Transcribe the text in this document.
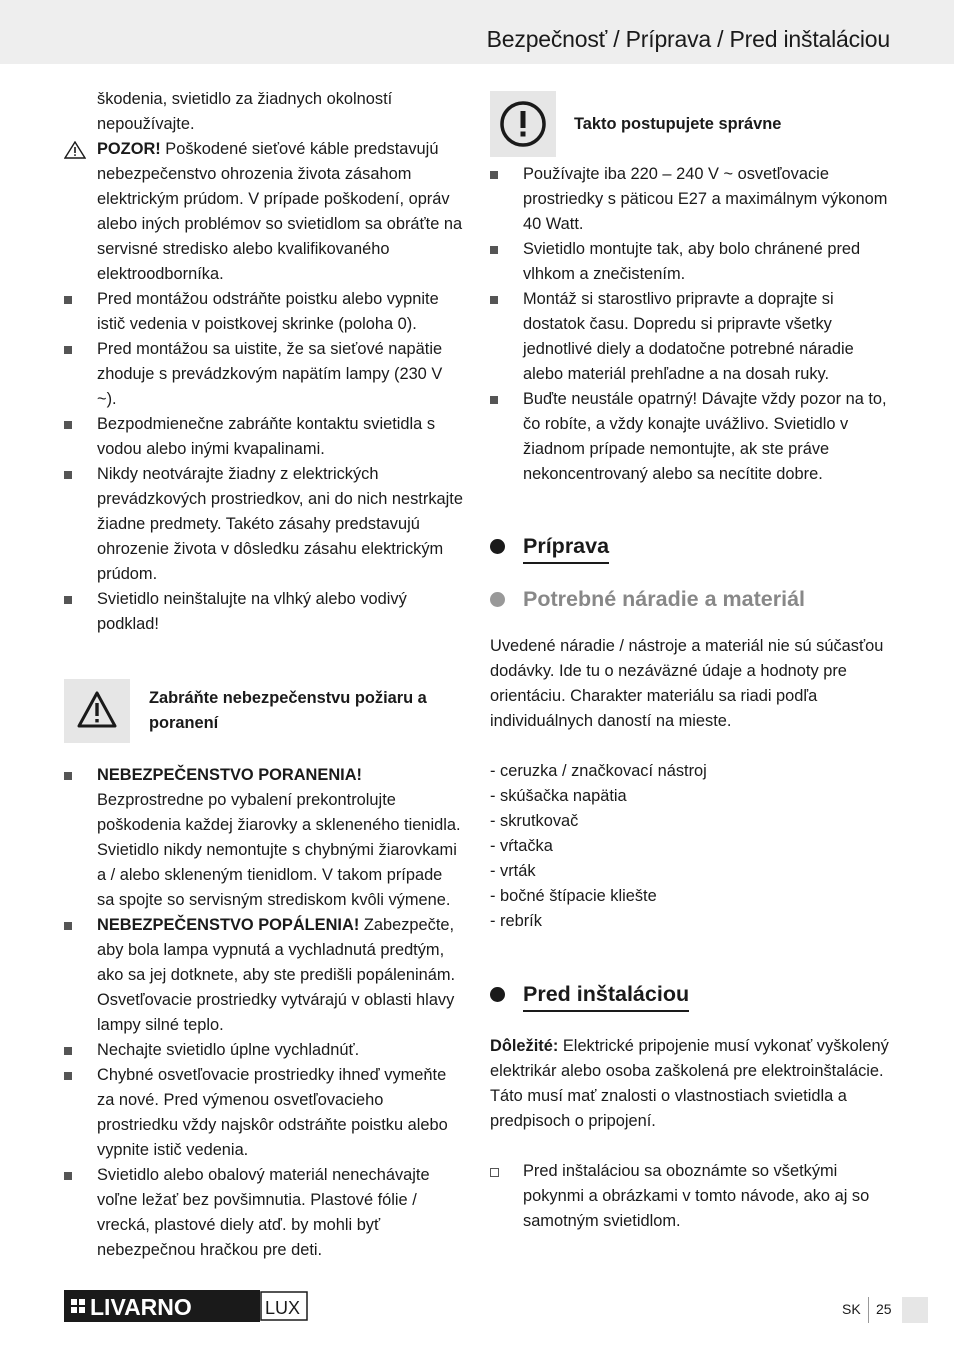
Bezpečnosť / Príprava / Pred inštaláciou
škodenia, svietidlo za žiadnych okolností nepoužívajte.
POZOR! Poškodené sieťové káble predstavujú nebezpečenstvo ohrozenia života zásahom elektrickým prúdom. V prípade poškodení, opráv alebo iných problémov so svietidlom sa obráťte na servisné stredisko alebo kvalifikovaného elektroodborníka.
Pred montážou odstráňte poistku alebo vypnite istič vedenia v poistkovej skrinke (poloha 0).
Pred montážou sa uistite, že sa sieťové napätie zhoduje s prevádzkovým napätím lampy (230 V ~).
Bezpodmienečne zabráňte kontaktu svietidla s vodou alebo inými kvapalinami.
Nikdy neotvárajte žiadny z elektrických prevádzkových prostriedkov, ani do nich nestrkajte žiadne predmety. Takéto zásahy predstavujú ohrozenie života v dôsledku zásahu elektrickým prúdom.
Svietidlo neinštalujte na vlhký alebo vodivý podklad!
Zabráňte nebezpečenstvu požiaru a poranení
NEBEZPEČENSTVO PORANENIA! Bezprostredne po vybalení prekontrolujte poškodenia každej žiarovky a skleneného tienidla. Svietidlo nikdy nemontujte s chybnými žiarovkami a / alebo skleneným tienidlom. V takom prípade sa spojte so servisným strediskom kvôli výmene.
NEBEZPEČENSTVO POPÁLENIA! Zabezpečte, aby bola lampa vypnutá a vychladnutá predtým, ako sa jej dotknete, aby ste predišli popáleninám. Osvetľovacie prostriedky vytvárajú v oblasti hlavy lampy silné teplo.
Nechajte svietidlo úplne vychladnúť.
Chybné osvetľovacie prostriedky ihneď vymeňte za nové. Pred výmenou osvetľovacieho prostriedku vždy najskôr odstráňte poistku alebo vypnite istič vedenia.
Svietidlo alebo obalový materiál nenechávajte voľne ležať bez povšimnutia. Plastové fólie / vrecká, plastové diely atď. by mohli byť nebezpečnou hračkou pre deti.
Takto postupujete správne
Používajte iba 220 – 240 V ~ osvetľovacie prostriedky s päticou E27 a maximálnym výkonom 40 Watt.
Svietidlo montujte tak, aby bolo chránené pred vlhkom a znečistením.
Montáž si starostlivo pripravte a doprajte si dostatok času. Dopredu si pripravte všetky jednotlivé diely a dodatočne potrebné náradie alebo materiál prehľadne a na dosah ruky.
Buďte neustále opatrný! Dávajte vždy pozor na to, čo robíte, a vždy konajte uvážlivo. Svietidlo v žiadnom prípade nemontujte, ak ste práve nekoncentrovaný alebo sa necítite dobre.
Príprava
Potrebné náradie a materiál
Uvedené náradie / nástroje a materiál nie sú súčasťou dodávky. Ide tu o nezáväzné údaje a hodnoty pre orientáciu. Charakter materiálu sa riadi podľa individuálnych daností na mieste.
- ceruzka / značkovací nástroj
- skúšačka napätia
- skrutkovač
- vŕtačka
- vrták
- bočné štípacie kliešte
- rebrík
Pred inštaláciou
Dôležité: Elektrické pripojenie musí vykonať vyškolený elektrikár alebo osoba zaškolená pre elektroinštalácie.
Táto musí mať znalosti o vlastnostiach svietidla a predpisoch o pripojení.
Pred inštaláciou sa oboznámte so všetkými pokynmi a obrázkami v tomto návode, ako aj so samotným svietidlom.
LIVARNO	LUX	SK 25
